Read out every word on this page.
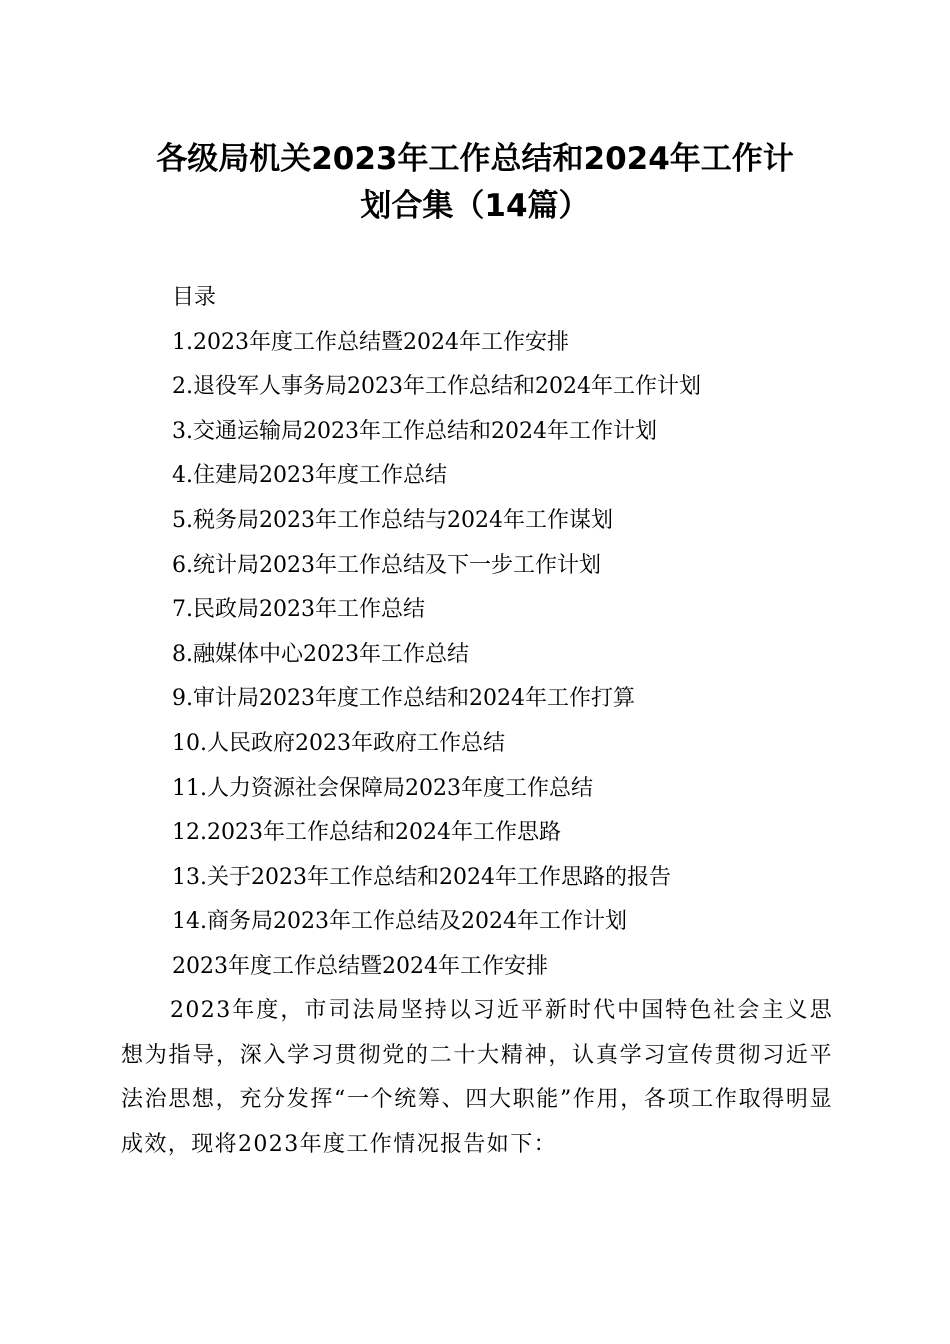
各级局机关2023年工作总结和2024年工作计
划合集（14篇）
目录
1.2023年度工作总结暨2024年工作安排
2.退役军人事务局2023年工作总结和2024年工作计划
3.交通运输局2023年工作总结和2024年工作计划
4.住建局2023年度工作总结
5.税务局2023年工作总结与2024年工作谋划
6.统计局2023年工作总结及下一步工作计划
7.民政局2023年工作总结
8.融媒体中心2023年工作总结
9.审计局2023年度工作总结和2024年工作打算
10.人民政府2023年政府工作总结
11.人力资源社会保障局2023年度工作总结
12.2023年工作总结和2024年工作思路
13.关于2023年工作总结和2024年工作思路的报告
14.商务局2023年工作总结及2024年工作计划
2023年度工作总结暨2024年工作安排

2023年度，市司法局坚持以习近平新时代中国特色社会主义思想为指导，深入学习贯彻党的二十大精神，认真学习宣传贯彻习近平法治思想，充分发挥“一个统筹、四大职能”作用，各项工作取得明显成效，现将2023年度工作情况报告如下：
